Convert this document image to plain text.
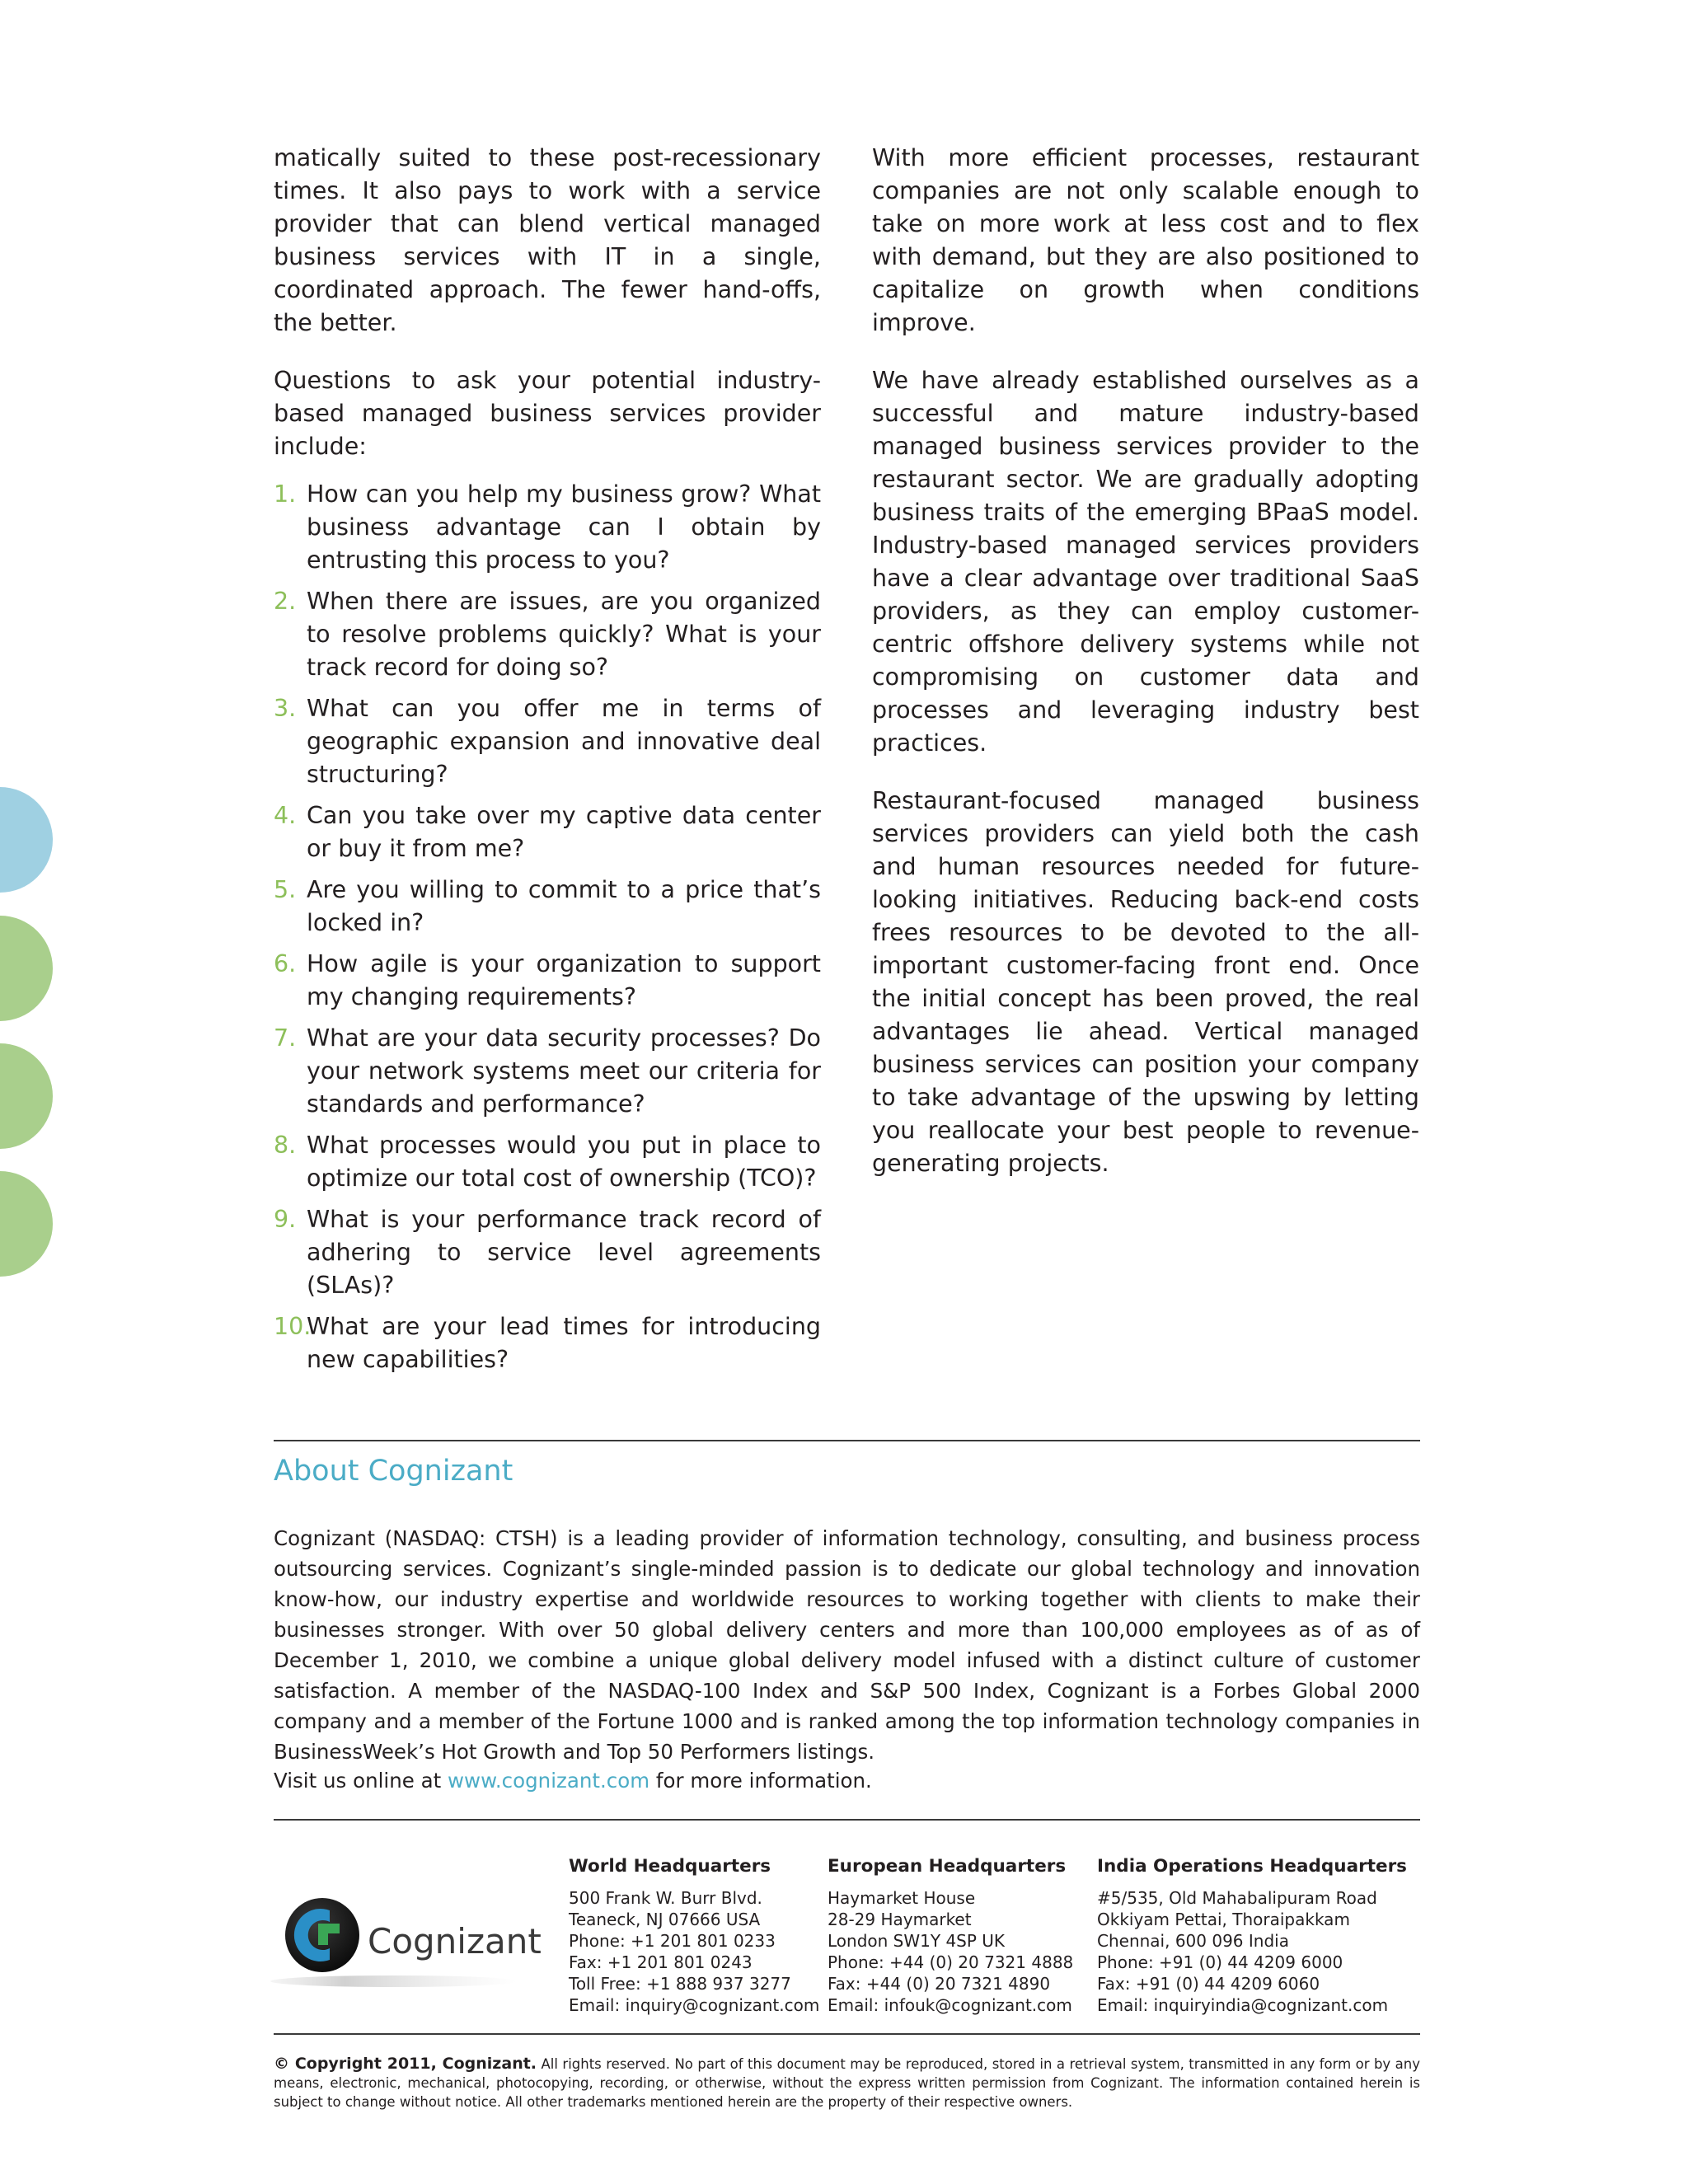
matically suited to these post-recessionary times. It also pays to work with a service provider that can blend vertical managed business services with IT in a single, coordinated approach. The fewer hand-offs, the better.

Questions to ask your potential industry-based managed business services provider include:

1. How can you help my business grow? What business advantage can I obtain by entrusting this process to you?
2. When there are issues, are you organized to resolve problems quickly? What is your track record for doing so?
3. What can you offer me in terms of geographic expansion and innovative deal structuring?
4. Can you take over my captive data center or buy it from me?
5. Are you willing to commit to a price that’s locked in?
6. How agile is your organization to support my changing requirements?
7. What are your data security processes? Do your network systems meet our criteria for standards and performance?
8. What processes would you put in place to optimize our total cost of ownership (TCO)?
9. What is your performance track record of adhering to service level agreements (SLAs)?
10.
What are your lead times for introducing new capabilities?

With more efficient processes, restaurant companies are not only scalable enough to take on more work at less cost and to flex with demand, but they are also positioned to capitalize on growth when conditions improve.

We have already established ourselves as a successful and mature industry-based managed business services provider to the restaurant sector. We are gradually adopting business traits of the emerging BPaaS model. Industry-based managed services providers have a clear advantage over traditional SaaS providers, as they can employ customer-centric offshore delivery systems while not compromising on customer data and processes and leveraging industry best practices.

Restaurant-focused managed business services providers can yield both the cash and human resources needed for future-looking initiatives. Reducing back-end costs frees resources to be devoted to the all-important customer-facing front end. Once the initial concept has been proved, the real advantages lie ahead. Vertical managed business services can position your company to take advantage of the upswing by letting you reallocate your best people to revenue-generating projects.

About Cognizant

Cognizant (NASDAQ: CTSH) is a leading provider of information technology, consulting, and business process outsourcing services. Cognizant’s single-minded passion is to dedicate our global technology and innovation know-how, our industry expertise and worldwide resources to working together with clients to make their businesses stronger. With over 50 global delivery centers and more than 100,000 employees as of as of December 1, 2010, we combine a unique global delivery model infused with a distinct culture of customer satisfaction. A member of the NASDAQ-100 Index and S&P 500 Index, Cognizant is a Forbes Global 2000 company and a member of the Fortune 1000 and is ranked among the top information technology companies in BusinessWeek’s Hot Growth and Top 50 Performers listings.

Visit us online at www.cognizant.com for more information.

Cognizant
World Headquarters
500 Frank W. Burr Blvd.
Teaneck, NJ 07666 USA
Phone: +1 201 801 0233
Fax: +1 201 801 0243
Toll Free: +1 888 937 3277
Email: inquiry@cognizant.com
European Headquarters
Haymarket House
28-29 Haymarket
London SW1Y 4SP UK
Phone: +44 (0) 20 7321 4888
Fax: +44 (0) 20 7321 4890
Email: infouk@cognizant.com
India Operations Headquarters
#5/535, Old Mahabalipuram Road
Okkiyam Pettai, Thoraipakkam
Chennai, 600 096 India
Phone: +91 (0) 44 4209 6000
Fax: +91 (0) 44 4209 6060
Email: inquiryindia@cognizant.com

© Copyright 2011, Cognizant. All rights reserved. No part of this document may be reproduced, stored in a retrieval system, transmitted in any form or by any means, electronic, mechanical, photocopying, recording, or otherwise, without the express written permission from Cognizant. The information contained herein is subject to change without notice. All other trademarks mentioned herein are the property of their respective owners.
